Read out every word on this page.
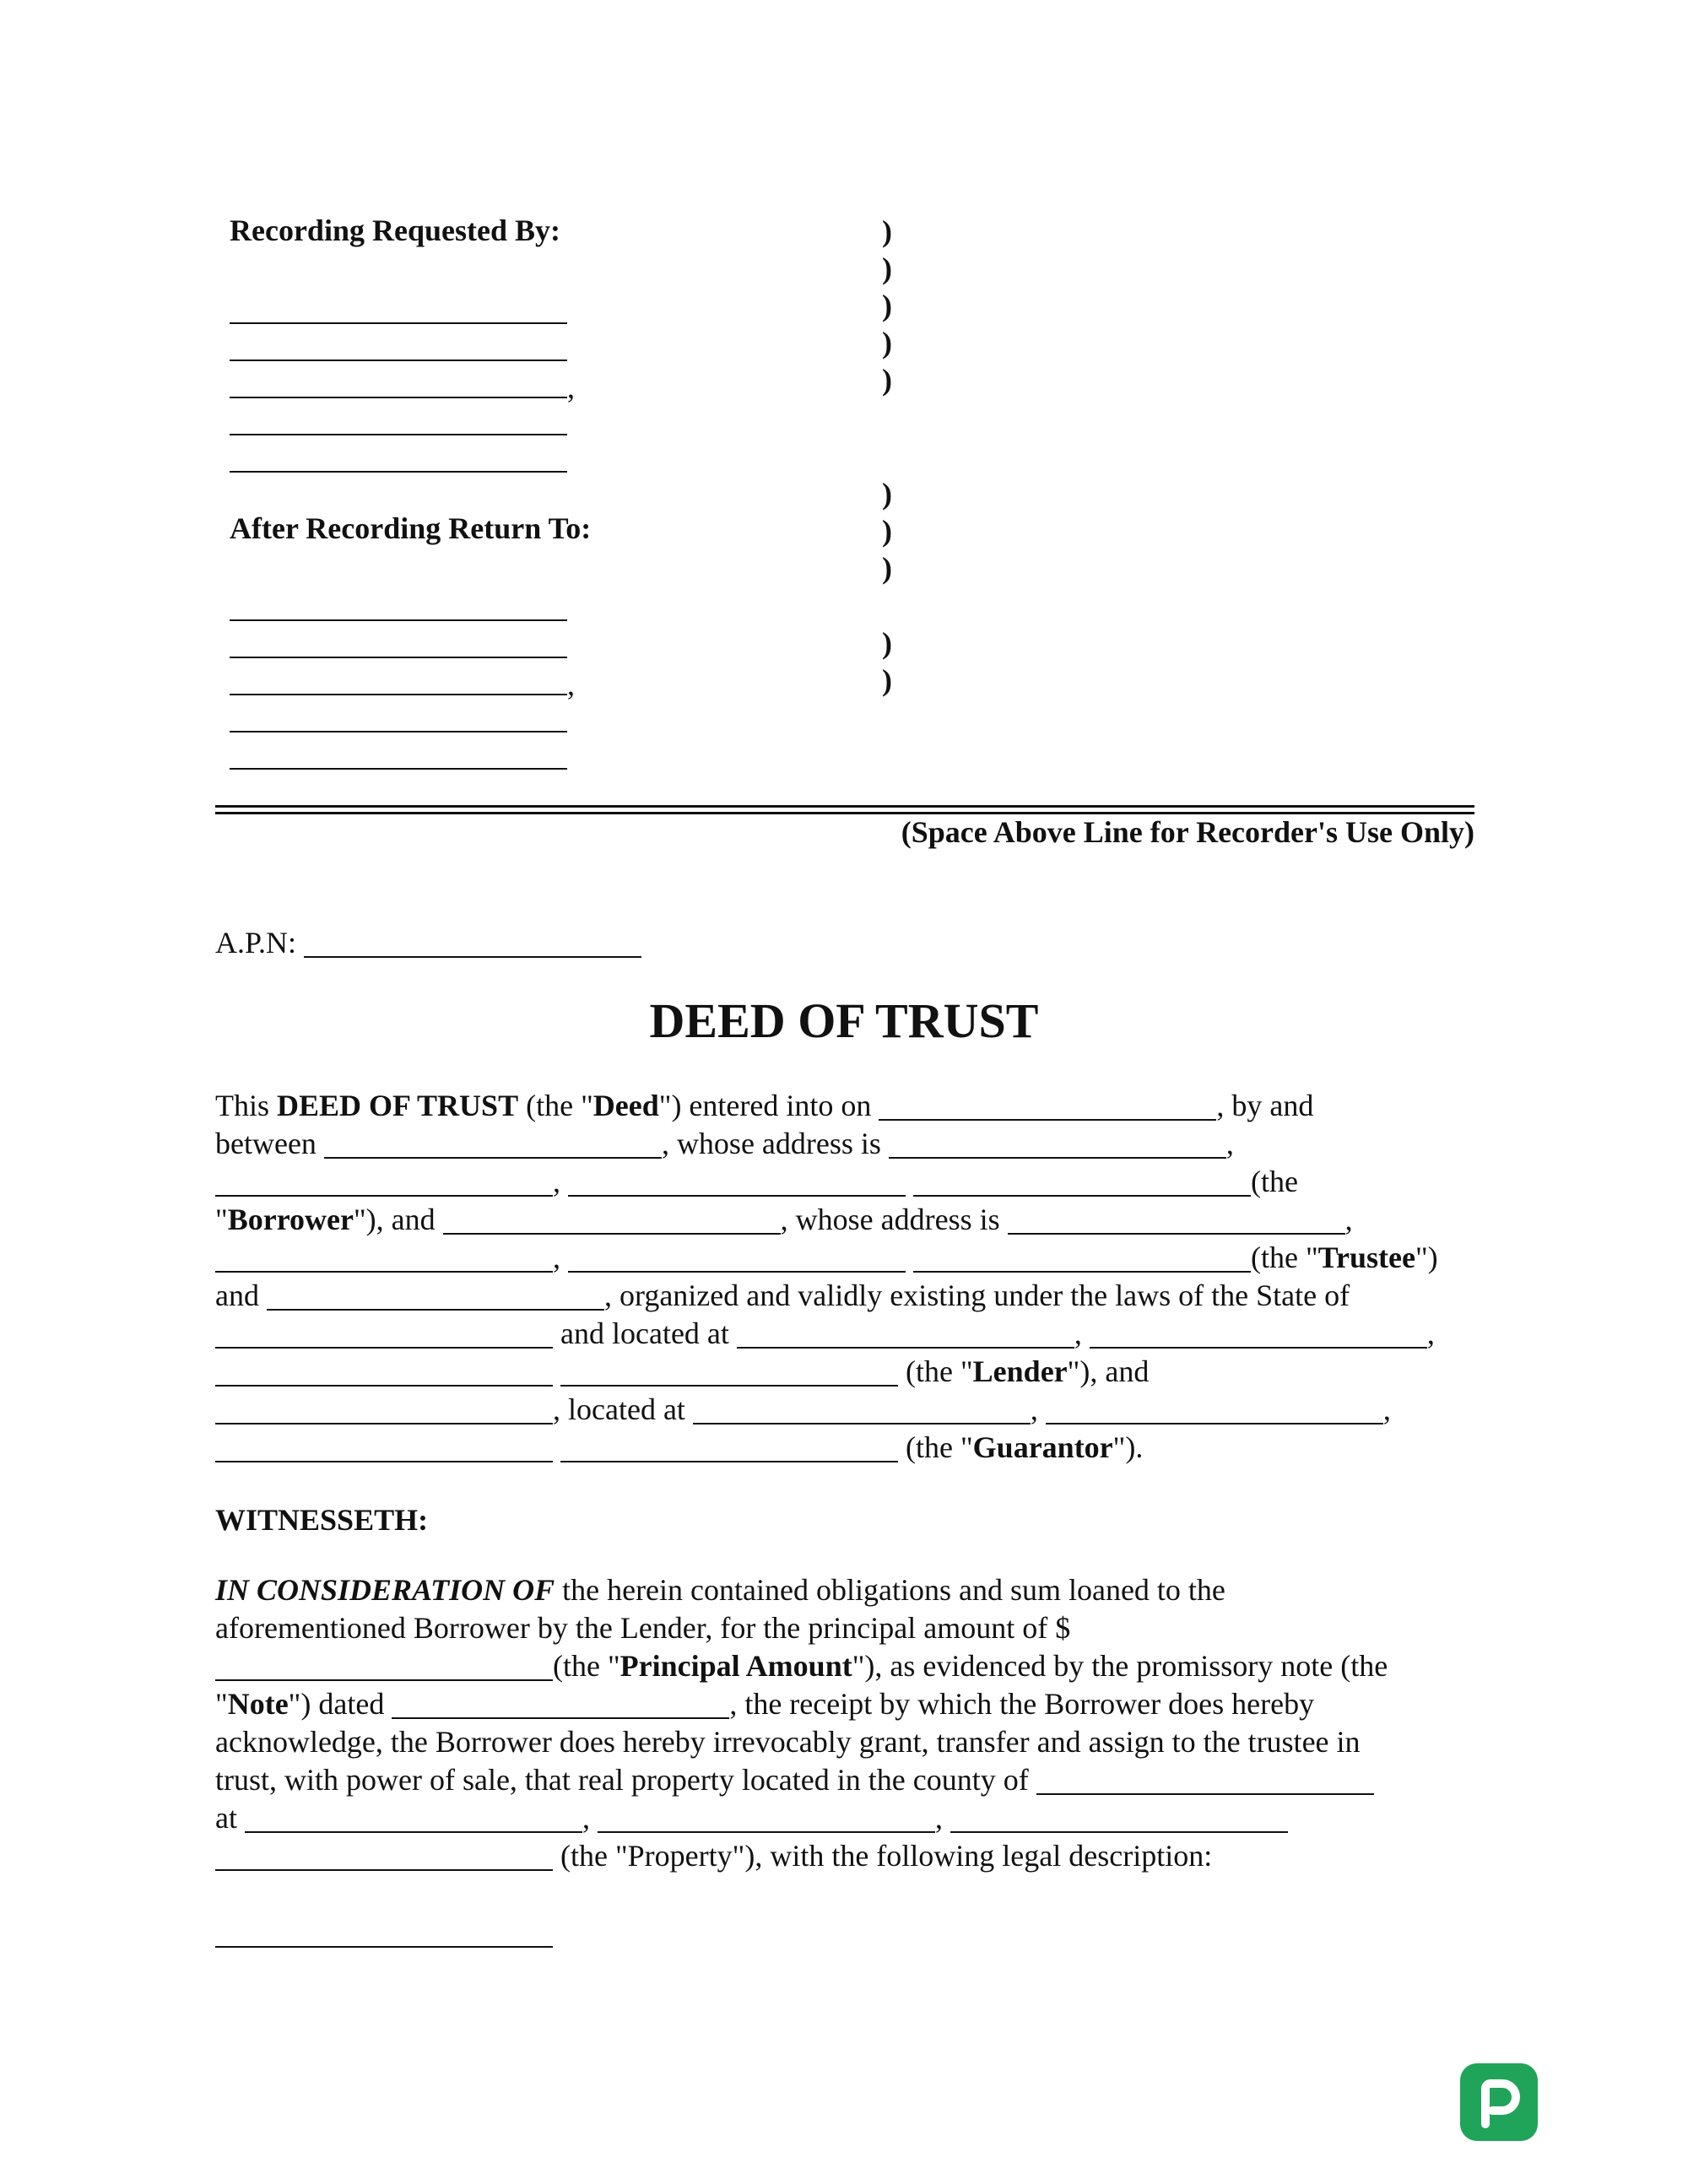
Recording Requested By:
,
After Recording Return To:
,
)
)
)
)
)
)
)
)
)
)
(Space Above Line for Recorder's Use Only)
A.P.N:
DEED OF TRUST
This DEED OF TRUST (the "Deed") entered into on	, by and
between	, whose address is	,
,	(the
"Borrower"), and	, whose address is	,
,	(the "Trustee")
and	, organized and validly existing under the laws of the State of
and located at	,	,
(the "Lender"), and
, located at	,	,
(the "Guarantor").
WITNESSETH:
IN CONSIDERATION OF the herein contained obligations and sum loaned to the
aforementioned Borrower by the Lender, for the principal amount of $
(the "Principal Amount"), as evidenced by the promissory note (the
"Note") dated	, the receipt by which the Borrower does hereby
acknowledge, the Borrower does hereby irrevocably grant, transfer and assign to the trustee in
trust, with power of sale, that real property located in the county of
at	,	,
(the "Property"), with the following legal description:
